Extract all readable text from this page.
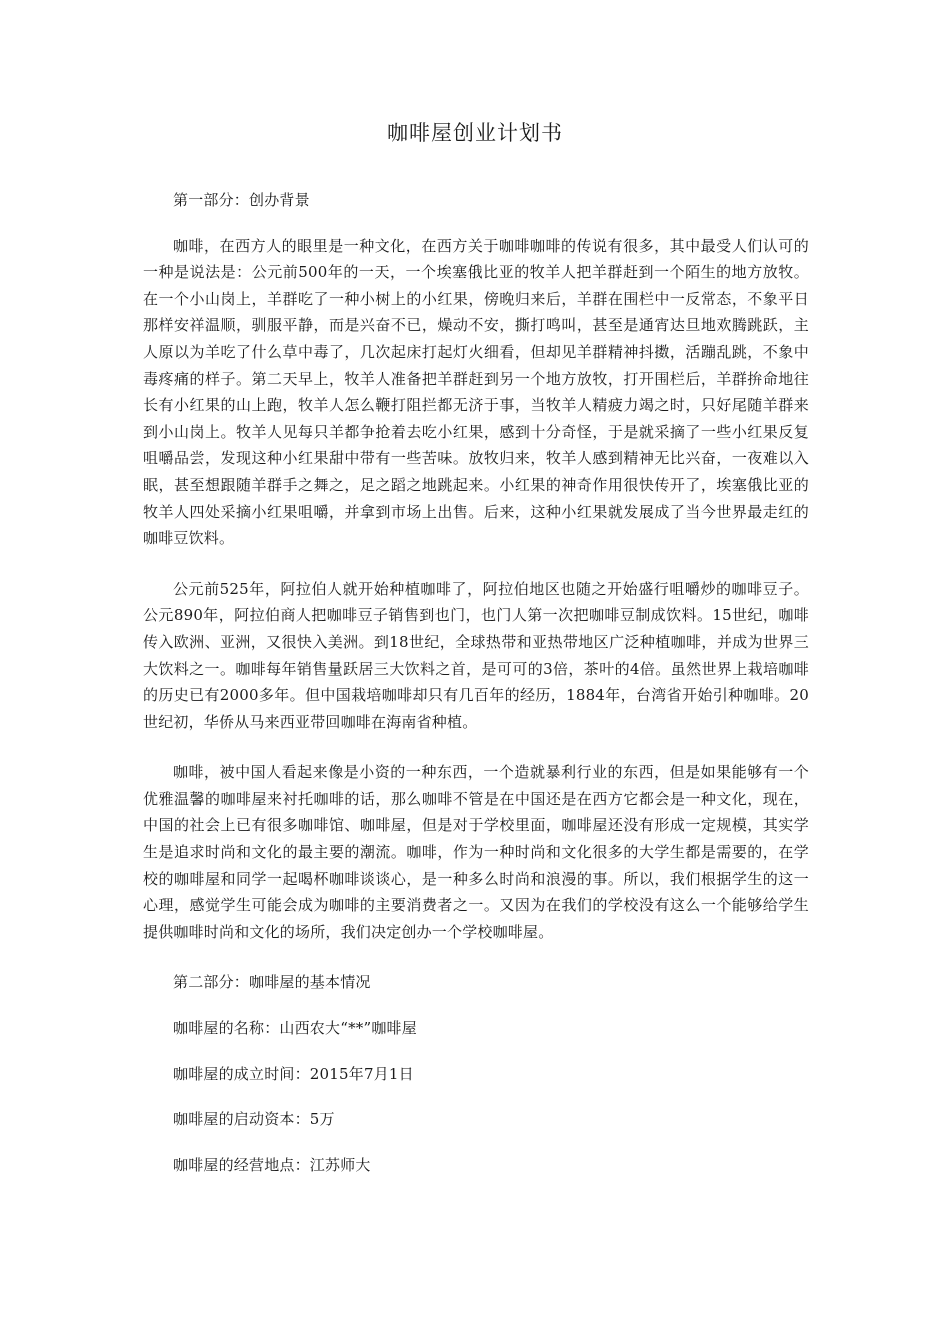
咖啡屋创业计划书

第一部分：创办背景

咖啡，在西方人的眼里是一种文化，在西方关于咖啡咖啡的传说有很多，其中最受人们认可的一种是说法是：公元前500年的一天，一个埃塞俄比亚的牧羊人把羊群赶到一个陌生的地方放牧。在一个小山岗上，羊群吃了一种小树上的小红果，傍晚归来后，羊群在围栏中一反常态，不象平日那样安祥温顺，驯服平静，而是兴奋不已，燥动不安，撕打鸣叫，甚至是通宵达旦地欢腾跳跃，主人原以为羊吃了什么草中毒了，几次起床打起灯火细看，但却见羊群精神抖擞，活蹦乱跳，不象中毒疼痛的样子。第二天早上，牧羊人准备把羊群赶到另一个地方放牧，打开围栏后，羊群拚命地往长有小红果的山上跑，牧羊人怎么鞭打阻拦都无济于事，当牧羊人精疲力竭之时，只好尾随羊群来到小山岗上。牧羊人见每只羊都争抢着去吃小红果，感到十分奇怪，于是就采摘了一些小红果反复咀嚼品尝，发现这种小红果甜中带有一些苦味。放牧归来，牧羊人感到精神无比兴奋，一夜难以入眠，甚至想跟随羊群手之舞之，足之蹈之地跳起来。小红果的神奇作用很快传开了，埃塞俄比亚的牧羊人四处采摘小红果咀嚼，并拿到市场上出售。后来，这种小红果就发展成了当今世界最走红的咖啡豆饮料。

公元前525年，阿拉伯人就开始种植咖啡了，阿拉伯地区也随之开始盛行咀嚼炒的咖啡豆子。公元890年，阿拉伯商人把咖啡豆子销售到也门，也门人第一次把咖啡豆制成饮料。15世纪，咖啡传入欧洲、亚洲，又很快入美洲。到18世纪，全球热带和亚热带地区广泛种植咖啡，并成为世界三大饮料之一。咖啡每年销售量跃居三大饮料之首，是可可的3倍，茶叶的4倍。虽然世界上栽培咖啡的历史已有2000多年。但中国栽培咖啡却只有几百年的经历，1884年，台湾省开始引种咖啡。20世纪初，华侨从马来西亚带回咖啡在海南省种植。

咖啡，被中国人看起来像是小资的一种东西，一个造就暴利行业的东西，但是如果能够有一个优雅温馨的咖啡屋来衬托咖啡的话，那么咖啡不管是在中国还是在西方它都会是一种文化，现在，中国的社会上已有很多咖啡馆、咖啡屋，但是对于学校里面，咖啡屋还没有形成一定规模，其实学生是追求时尚和文化的最主要的潮流。咖啡，作为一种时尚和文化很多的大学生都是需要的，在学校的咖啡屋和同学一起喝杯咖啡谈谈心，是一种多么时尚和浪漫的事。所以，我们根据学生的这一心理，感觉学生可能会成为咖啡的主要消费者之一。又因为在我们的学校没有这么一个能够给学生提供咖啡时尚和文化的场所，我们决定创办一个学校咖啡屋。

第二部分：咖啡屋的基本情况

咖啡屋的名称：山西农大“**”咖啡屋

咖啡屋的成立时间：2015年7月1日

咖啡屋的启动资本：5万

咖啡屋的经营地点：江苏师大
